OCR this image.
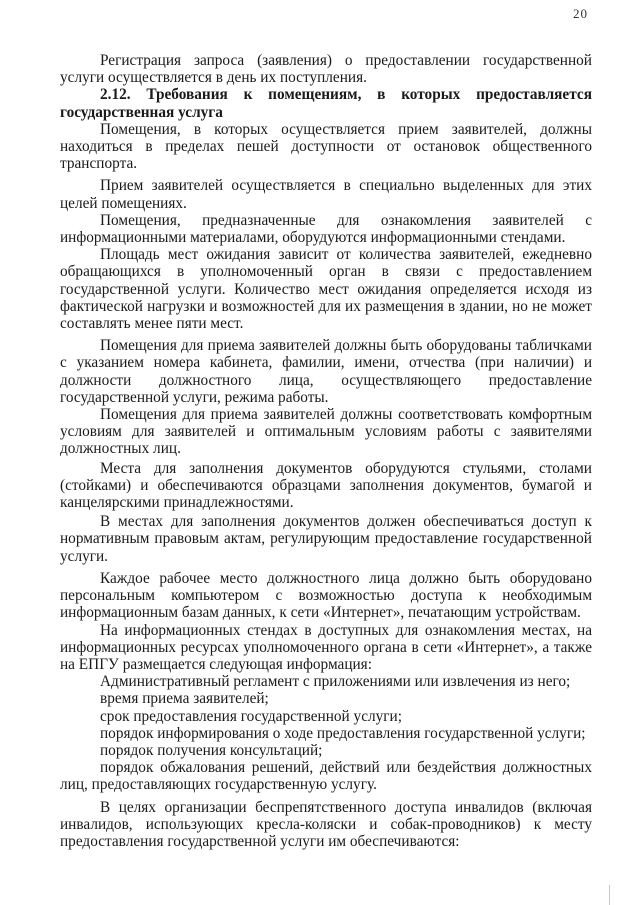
20

Регистрация запроса (заявления) о предоставлении государственной услуги осуществляется в день их поступления.

2.12. Требования к помещениям, в которых предоставляется государственная услуга

Помещения, в которых осуществляется прием заявителей, должны находиться в пределах пешей доступности от остановок общественного транспорта.

Прием заявителей осуществляется в специально выделенных для этих целей помещениях.

Помещения, предназначенные для ознакомления заявителей с информационными материалами, оборудуются информационными стендами.

Площадь мест ожидания зависит от количества заявителей, ежедневно обращающихся в уполномоченный орган в связи с предоставлением государственной услуги. Количество мест ожидания определяется исходя из фактической нагрузки и возможностей для их размещения в здании, но не может составлять менее пяти мест.

Помещения для приема заявителей должны быть оборудованы табличками с указанием номера кабинета, фамилии, имени, отчества (при наличии) и должности должностного лица, осуществляющего предоставление государственной услуги, режима работы.

Помещения для приема заявителей должны соответствовать комфортным условиям для заявителей и оптимальным условиям работы с заявителями должностных лиц.

Места для заполнения документов оборудуются стульями, столами (стойками) и обеспечиваются образцами заполнения документов, бумагой и канцелярскими принадлежностями.

В местах для заполнения документов должен обеспечиваться доступ к нормативным правовым актам, регулирующим предоставление государственной услуги.

Каждое рабочее место должностного лица должно быть оборудовано персональным компьютером с возможностью доступа к необходимым информационным базам данных, к сети «Интернет», печатающим устройствам.

На информационных стендах в доступных для ознакомления местах, на информационных ресурсах уполномоченного органа в сети «Интернет», а также на ЕПГУ размещается следующая информация:

Административный регламент с приложениями или извлечения из него;

время приема заявителей;

срок предоставления государственной услуги;

порядок информирования о ходе предоставления государственной услуги;

порядок получения консультаций;

порядок обжалования решений, действий или бездействия должностных лиц, предоставляющих государственную услугу.

В целях организации беспрепятственного доступа инвалидов (включая инвалидов, использующих кресла-коляски и собак-проводников) к месту предоставления государственной услуги им обеспечиваются:
